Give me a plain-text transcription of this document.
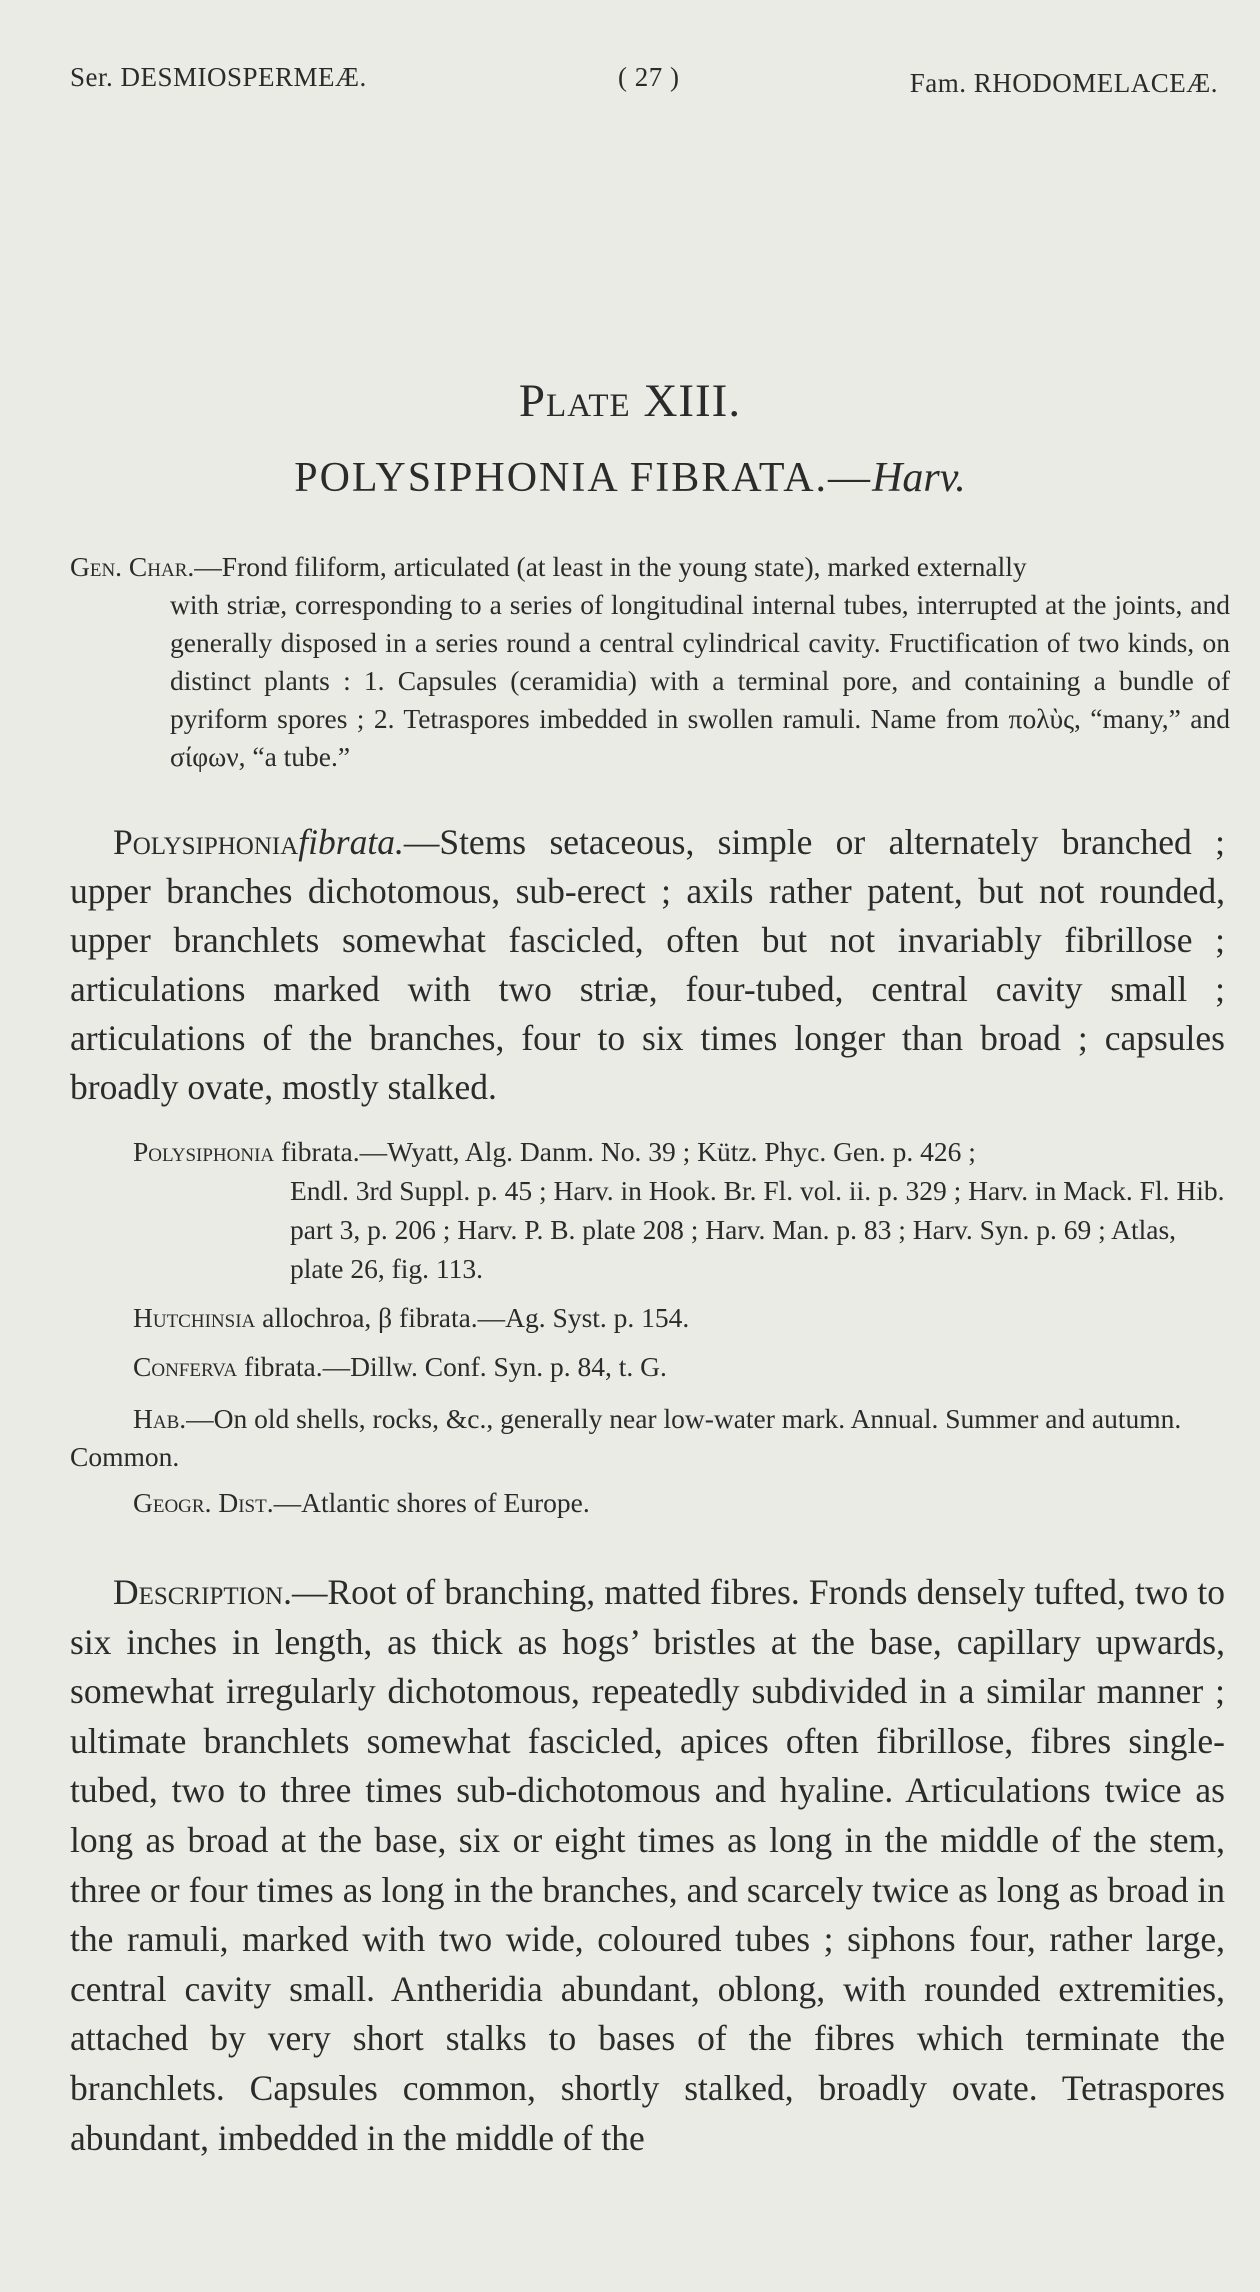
Ser. DESMIOSPERMEÆ.	( 27 )	Fam. RHODOMELACEÆ.
Plate XIII.
POLYSIPHONIA FIBRATA.—Harv.

Gen. Char.—Frond filiform, articulated (at least in the young state), marked externally

with striæ, corresponding to a series of longitudinal internal tubes, interrupted at the joints, and generally disposed in a series round a central cylindrical cavity. Fructification of two kinds, on distinct plants : 1. Capsules (ceramidia) with a terminal pore, and containing a bundle of pyriform spores ; 2. Tetraspores imbedded in swollen ramuli. Name from πολὺς, “many,” and σίφων, “a tube.”

Polysiphoniafibrata.—Stems setaceous, simple or alternately branched ; upper branches dichotomous, sub-erect ; axils rather patent, but not rounded, upper branchlets somewhat fascicled, often but not invariably fibrillose ; articulations marked with two striæ, four-tubed, central cavity small ; articulations of the branches, four to six times longer than broad ; capsules broadly ovate, mostly stalked.

Polysiphonia fibrata.—Wyatt, Alg. Danm. No. 39 ; Kütz. Phyc. Gen. p. 426 ;
Endl. 3rd Suppl. p. 45 ; Harv. in Hook. Br. Fl. vol. ii. p. 329 ; Harv. in Mack. Fl. Hib. part 3, p. 206 ; Harv. P. B. plate 208 ; Harv. Man. p. 83 ; Harv. Syn. p. 69 ; Atlas, plate 26, fig. 113.
Hutchinsia allochroa, β fibrata.—Ag. Syst. p. 154.
Conferva fibrata.—Dillw. Conf. Syn. p. 84, t. G.

Hab.—On old shells, rocks, &c., generally near low-water mark. Annual. Summer and autumn. Common.

Geogr. Dist.—Atlantic shores of Europe.

Description.—Root of branching, matted fibres. Fronds densely tufted, two to six inches in length, as thick as hogs’ bristles at the base, capillary upwards, somewhat irregularly dichotomous, repeatedly subdivided in a similar manner ; ultimate branchlets somewhat fascicled, apices often fibrillose, fibres single-tubed, two to three times sub-dichotomous and hyaline. Articulations twice as long as broad at the base, six or eight times as long in the middle of the stem, three or four times as long in the branches, and scarcely twice as long as broad in the ramuli, marked with two wide, coloured tubes ; siphons four, rather large, central cavity small. Antheridia abundant, oblong, with rounded extremities, attached by very short stalks to bases of the fibres which terminate the branchlets. Capsules common, shortly stalked, broadly ovate. Tetraspores abundant, imbedded in the middle of the
